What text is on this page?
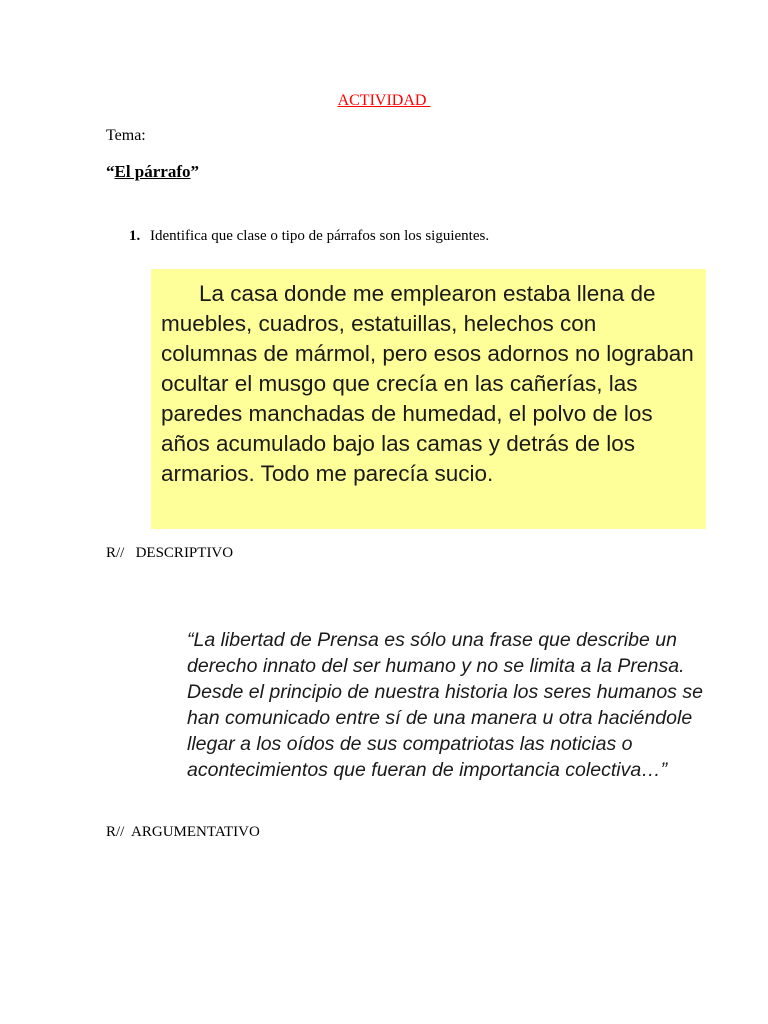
ACTIVIDAD
Tema:
“El párrafo”
1. Identifica que clase o tipo de párrafos son los siguientes.

La casa donde me emplearon estaba llena de muebles, cuadros, estatuillas, helechos con columnas de mármol, pero esos adornos no lograban ocultar el musgo que crecía en las cañerías, las paredes manchadas de humedad, el polvo de los años acumulado bajo las camas y detrás de los armarios. Todo me parecía sucio.

R// DESCRIPTIVO

“La libertad de Prensa es sólo una frase que describe un derecho innato del ser humano y no se limita a la Prensa. Desde el principio de nuestra historia los seres humanos se han comunicado entre sí de una manera u otra haciéndole llegar a los oídos de sus compatriotas las noticias o acontecimientos que fueran de importancia colectiva…”

R// ARGUMENTATIVO
